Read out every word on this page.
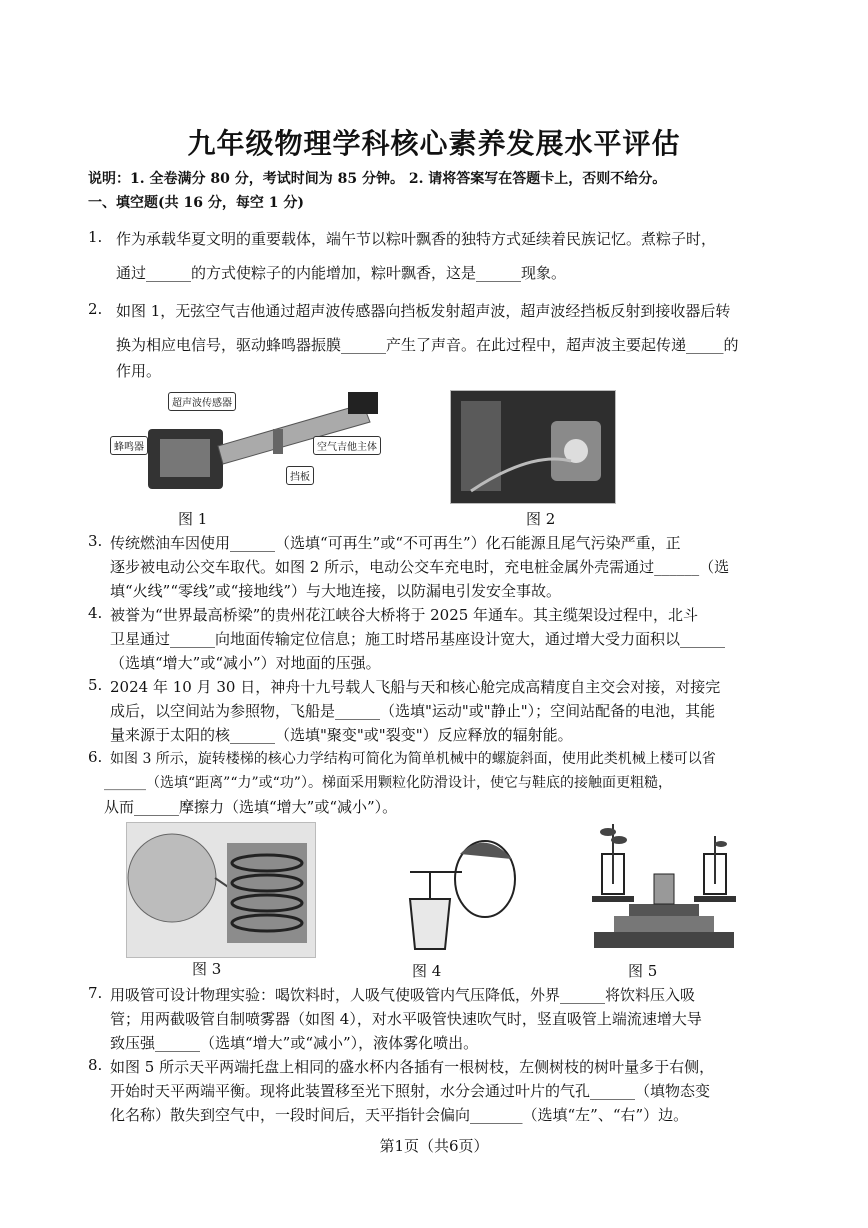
九年级物理学科核心素养发展水平评估
说明：1. 全卷满分 80 分，考试时间为 85 分钟。 2. 请将答案写在答题卡上，否则不给分。
一、填空题(共 16 分，每空 1 分)
1. 作为承载华夏文明的重要载体，端午节以粽叶飘香的独特方式延续着民族记忆。煮粽子时，
通过______的方式使粽子的内能增加，粽叶飘香，这是______现象。
2. 如图 1，无弦空气吉他通过超声波传感器向挡板发射超声波，超声波经挡板反射到接收器后转
换为相应电信号，驱动蜂鸣器振膜______产生了声音。在此过程中，超声波主要起传递_____的
作用。
超声波传感器
蜂鸣器	空气吉他主体
挡板
图 1	图 2
3. 传统燃油车因使用______（选填“可再生”或“不可再生”）化石能源且尾气污染严重，正
逐步被电动公交车取代。如图 2 所示，电动公交车充电时，充电桩金属外壳需通过______（选
填“火线”“零线”或“接地线”）与大地连接，以防漏电引发安全事故。
4. 被誉为“世界最高桥梁”的贵州花江峡谷大桥将于 2025 年通车。其主缆架设过程中，北斗
卫星通过______向地面传输定位信息；施工时塔吊基座设计宽大，通过增大受力面积以______
（选填“增大”或“减小”）对地面的压强。
5. 2024 年 10 月 30 日，神舟十九号载人飞船与天和核心舱完成高精度自主交会对接，对接完
成后，以空间站为参照物，飞船是______（选填"运动"或"静止"）；空间站配备的电池，其能
量来源于太阳的核______（选填"聚变"或"裂变"）反应释放的辐射能。
6. 如图 3 所示，旋转楼梯的核心力学结构可简化为简单机械中的螺旋斜面，使用此类机械上楼可以省
______（选填“距离”“力”或“功”）。梯面采用颗粒化防滑设计，使它与鞋底的接触面更粗糙，
从而______摩擦力（选填“增大”或“减小”）。
图 3	图 4	图 5
7. 用吸管可设计物理实验：喝饮料时，人吸气使吸管内气压降低，外界______将饮料压入吸
管；用两截吸管自制喷雾器（如图 4），对水平吸管快速吹气时，竖直吸管上端流速增大导
致压强______（选填“增大”或“减小”），液体雾化喷出。
8. 如图 5 所示天平两端托盘上相同的盛水杯内各插有一根树枝，左侧树枝的树叶量多于右侧，
开始时天平两端平衡。现将此装置移至光下照射，水分会通过叶片的气孔______（填物态变
化名称）散失到空气中，一段时间后，天平指针会偏向_______（选填“左”、“右”）边。
第1页（共6页）
